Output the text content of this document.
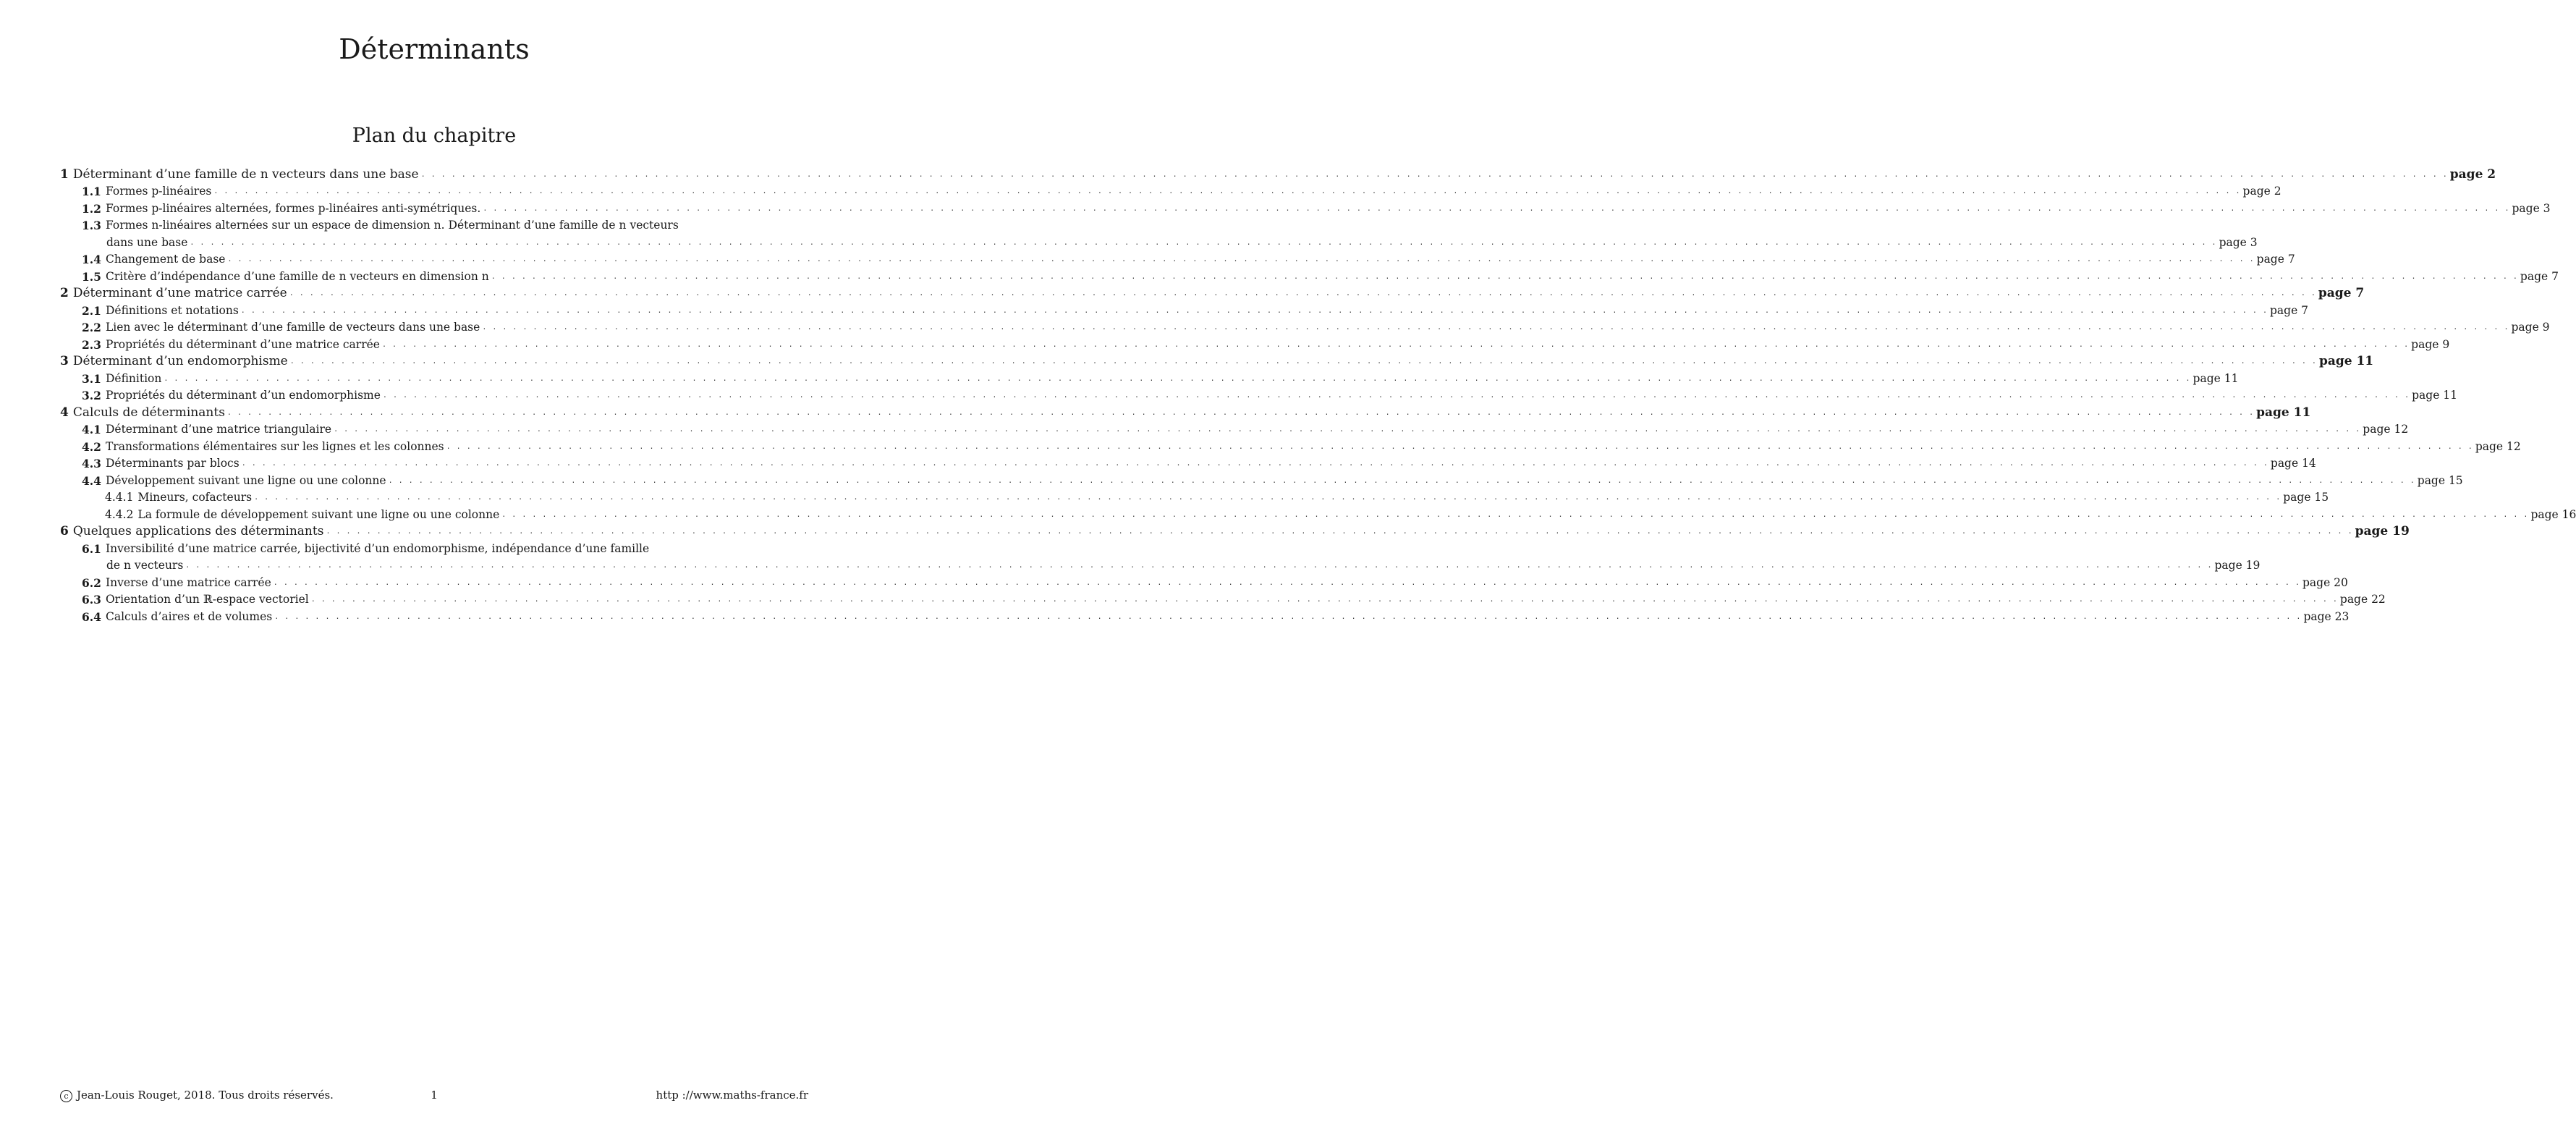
Déterminants
Plan du chapitre
1 Déterminant d’une famille de n vecteurs dans une base . . . . . . . . . . . . . . . . . . . . . . . . . . . . . . . . . . . . . . . . . . . . . . . . . . . . . . . . . . . . . . . . . . . . . . . . . . . . . . . . . . . . . . . . . . . . . . . . . . . . . . . . . . . . . . . . . . . . . . . . . . . . . . . . . . . . . . . . . . . . . . . . . . . . . . . . . . . . . . . . . . . . . . . . . . . . . . . . . . . . . . . . . . . . . . . . . . . . . . . . page 2
1.1 Formes p-linéaires . . . . . . . . . . . . . . . . . . . . . . . . . . . . . . . . . . . . . . . . . . . . . . . . . . . . . . . . . . . . . . . . . . . . . . . . . . . . . . . . . . . . . . . . . . . . . . . . . . . . . . . . . . . . . . . . . . . . . . . . . . . . . . . . . . . . . . . . . . . . . . . . . . . . . . . . . . . . . . . . . . . . . . . . . . . . . . . . . . . . . . . . . . . . . . . . . . . . . . . . page 2
1.2 Formes p-linéaires alternées, formes p-linéaires anti-symétriques. . . . . . . . . . . . . . . . . . . . . . . . . . . . . . . . . . . . . . . . . . . . . . . . . . . . . . . . . . . . . . . . . . . . . . . . . . . . . . . . . . . . . . . . . . . . . . . . . . . . . . . . . . . . . . . . . . . . . . . . . . . . . . . . . . . . . . . . . . . . . . . . . . . . . . . . . . . . . . . . . . . . . . . . . . . . . . . . . . . . . . . . . . . . . . . . . . . . . . . . . page 3
1.3 Formes n-linéaires alternées sur un espace de dimension n. Déterminant d’une famille de n vecteurs
dans une base . . . . . . . . . . . . . . . . . . . . . . . . . . . . . . . . . . . . . . . . . . . . . . . . . . . . . . . . . . . . . . . . . . . . . . . . . . . . . . . . . . . . . . . . . . . . . . . . . . . . . . . . . . . . . . . . . . . . . . . . . . . . . . . . . . . . . . . . . . . . . . . . . . . . . . . . . . . . . . . . . . . . . . . . . . . . . . . . . . . . . . . . . . . . . . . . . . . . . . . . page 3
1.4 Changement de base . . . . . . . . . . . . . . . . . . . . . . . . . . . . . . . . . . . . . . . . . . . . . . . . . . . . . . . . . . . . . . . . . . . . . . . . . . . . . . . . . . . . . . . . . . . . . . . . . . . . . . . . . . . . . . . . . . . . . . . . . . . . . . . . . . . . . . . . . . . . . . . . . . . . . . . . . . . . . . . . . . . . . . . . . . . . . . . . . . . . . . . . . . . . . . . . . . . . . . . . page 7
1.5 Critère d’indépendance d’une famille de n vecteurs en dimension n . . . . . . . . . . . . . . . . . . . . . . . . . . . . . . . . . . . . . . . . . . . . . . . . . . . . . . . . . . . . . . . . . . . . . . . . . . . . . . . . . . . . . . . . . . . . . . . . . . . . . . . . . . . . . . . . . . . . . . . . . . . . . . . . . . . . . . . . . . . . . . . . . . . . . . . . . . . . . . . . . . . . . . . . . . . . . . . . . . . . . . . . . . . . . . . . . . . . . . . . page 7
2 Déterminant d’une matrice carrée . . . . . . . . . . . . . . . . . . . . . . . . . . . . . . . . . . . . . . . . . . . . . . . . . . . . . . . . . . . . . . . . . . . . . . . . . . . . . . . . . . . . . . . . . . . . . . . . . . . . . . . . . . . . . . . . . . . . . . . . . . . . . . . . . . . . . . . . . . . . . . . . . . . . . . . . . . . . . . . . . . . . . . . . . . . . . . . . . . . . . . . . . . . . . . . . . . . . . . . . page 7
2.1 Définitions et notations . . . . . . . . . . . . . . . . . . . . . . . . . . . . . . . . . . . . . . . . . . . . . . . . . . . . . . . . . . . . . . . . . . . . . . . . . . . . . . . . . . . . . . . . . . . . . . . . . . . . . . . . . . . . . . . . . . . . . . . . . . . . . . . . . . . . . . . . . . . . . . . . . . . . . . . . . . . . . . . . . . . . . . . . . . . . . . . . . . . . . . . . . . . . . . . . . . . . . . . . page 7
2.2 Lien avec le déterminant d’une famille de vecteurs dans une base . . . . . . . . . . . . . . . . . . . . . . . . . . . . . . . . . . . . . . . . . . . . . . . . . . . . . . . . . . . . . . . . . . . . . . . . . . . . . . . . . . . . . . . . . . . . . . . . . . . . . . . . . . . . . . . . . . . . . . . . . . . . . . . . . . . . . . . . . . . . . . . . . . . . . . . . . . . . . . . . . . . . . . . . . . . . . . . . . . . . . . . . . . . . . . . . . . . . . . . . page 9
2.3 Propriétés du déterminant d’une matrice carrée . . . . . . . . . . . . . . . . . . . . . . . . . . . . . . . . . . . . . . . . . . . . . . . . . . . . . . . . . . . . . . . . . . . . . . . . . . . . . . . . . . . . . . . . . . . . . . . . . . . . . . . . . . . . . . . . . . . . . . . . . . . . . . . . . . . . . . . . . . . . . . . . . . . . . . . . . . . . . . . . . . . . . . . . . . . . . . . . . . . . . . . . . . . . . . . . . . . . . . . . page 9
3 Déterminant d’un endomorphisme . . . . . . . . . . . . . . . . . . . . . . . . . . . . . . . . . . . . . . . . . . . . . . . . . . . . . . . . . . . . . . . . . . . . . . . . . . . . . . . . . . . . . . . . . . . . . . . . . . . . . . . . . . . . . . . . . . . . . . . . . . . . . . . . . . . . . . . . . . . . . . . . . . . . . . . . . . . . . . . . . . . . . . . . . . . . . . . . . . . . . . . . . . . . . . . . . . . . . . . . page 11
3.1 Définition . . . . . . . . . . . . . . . . . . . . . . . . . . . . . . . . . . . . . . . . . . . . . . . . . . . . . . . . . . . . . . . . . . . . . . . . . . . . . . . . . . . . . . . . . . . . . . . . . . . . . . . . . . . . . . . . . . . . . . . . . . . . . . . . . . . . . . . . . . . . . . . . . . . . . . . . . . . . . . . . . . . . . . . . . . . . . . . . . . . . . . . . . . . . . . . . . . . . . . . . page 11
3.2 Propriétés du déterminant d’un endomorphisme . . . . . . . . . . . . . . . . . . . . . . . . . . . . . . . . . . . . . . . . . . . . . . . . . . . . . . . . . . . . . . . . . . . . . . . . . . . . . . . . . . . . . . . . . . . . . . . . . . . . . . . . . . . . . . . . . . . . . . . . . . . . . . . . . . . . . . . . . . . . . . . . . . . . . . . . . . . . . . . . . . . . . . . . . . . . . . . . . . . . . . . . . . . . . . . . . . . . . . . . page 11
4 Calculs de déterminants . . . . . . . . . . . . . . . . . . . . . . . . . . . . . . . . . . . . . . . . . . . . . . . . . . . . . . . . . . . . . . . . . . . . . . . . . . . . . . . . . . . . . . . . . . . . . . . . . . . . . . . . . . . . . . . . . . . . . . . . . . . . . . . . . . . . . . . . . . . . . . . . . . . . . . . . . . . . . . . . . . . . . . . . . . . . . . . . . . . . . . . . . . . . . . . . . . . . . . . . page 11
4.1 Déterminant d’une matrice triangulaire . . . . . . . . . . . . . . . . . . . . . . . . . . . . . . . . . . . . . . . . . . . . . . . . . . . . . . . . . . . . . . . . . . . . . . . . . . . . . . . . . . . . . . . . . . . . . . . . . . . . . . . . . . . . . . . . . . . . . . . . . . . . . . . . . . . . . . . . . . . . . . . . . . . . . . . . . . . . . . . . . . . . . . . . . . . . . . . . . . . . . . . . . . . . . . . . . . . . . . . . page 12
4.2 Transformations élémentaires sur les lignes et les colonnes . . . . . . . . . . . . . . . . . . . . . . . . . . . . . . . . . . . . . . . . . . . . . . . . . . . . . . . . . . . . . . . . . . . . . . . . . . . . . . . . . . . . . . . . . . . . . . . . . . . . . . . . . . . . . . . . . . . . . . . . . . . . . . . . . . . . . . . . . . . . . . . . . . . . . . . . . . . . . . . . . . . . . . . . . . . . . . . . . . . . . . . . . . . . . . . . . . . . . . . . page 12
4.3 Déterminants par blocs . . . . . . . . . . . . . . . . . . . . . . . . . . . . . . . . . . . . . . . . . . . . . . . . . . . . . . . . . . . . . . . . . . . . . . . . . . . . . . . . . . . . . . . . . . . . . . . . . . . . . . . . . . . . . . . . . . . . . . . . . . . . . . . . . . . . . . . . . . . . . . . . . . . . . . . . . . . . . . . . . . . . . . . . . . . . . . . . . . . . . . . . . . . . . . . . . . . . . . . . page 14
4.4 Développement suivant une ligne ou une colonne . . . . . . . . . . . . . . . . . . . . . . . . . . . . . . . . . . . . . . . . . . . . . . . . . . . . . . . . . . . . . . . . . . . . . . . . . . . . . . . . . . . . . . . . . . . . . . . . . . . . . . . . . . . . . . . . . . . . . . . . . . . . . . . . . . . . . . . . . . . . . . . . . . . . . . . . . . . . . . . . . . . . . . . . . . . . . . . . . . . . . . . . . . . . . . . . . . . . . . . . page 15
4.4.1 Mineurs, cofacteurs . . . . . . . . . . . . . . . . . . . . . . . . . . . . . . . . . . . . . . . . . . . . . . . . . . . . . . . . . . . . . . . . . . . . . . . . . . . . . . . . . . . . . . . . . . . . . . . . . . . . . . . . . . . . . . . . . . . . . . . . . . . . . . . . . . . . . . . . . . . . . . . . . . . . . . . . . . . . . . . . . . . . . . . . . . . . . . . . . . . . . . . . . . . . . . . . . . . . . . . . page 15
4.4.2 La formule de développement suivant une ligne ou une colonne . . . . . . . . . . . . . . . . . . . . . . . . . . . . . . . . . . . . . . . . . . . . . . . . . . . . . . . . . . . . . . . . . . . . . . . . . . . . . . . . . . . . . . . . . . . . . . . . . . . . . . . . . . . . . . . . . . . . . . . . . . . . . . . . . . . . . . . . . . . . . . . . . . . . . . . . . . . . . . . . . . . . . . . . . . . . . . . . . . . . . . . . . . . . . . . . . . . . . . . . page 16
6 Quelques applications des déterminants . . . . . . . . . . . . . . . . . . . . . . . . . . . . . . . . . . . . . . . . . . . . . . . . . . . . . . . . . . . . . . . . . . . . . . . . . . . . . . . . . . . . . . . . . . . . . . . . . . . . . . . . . . . . . . . . . . . . . . . . . . . . . . . . . . . . . . . . . . . . . . . . . . . . . . . . . . . . . . . . . . . . . . . . . . . . . . . . . . . . . . . . . . . . . . . . . . . . . . . . page 19
6.1 Inversibilité d’une matrice carrée, bijectivité d’un endomorphisme, indépendance d’une famille
de n vecteurs . . . . . . . . . . . . . . . . . . . . . . . . . . . . . . . . . . . . . . . . . . . . . . . . . . . . . . . . . . . . . . . . . . . . . . . . . . . . . . . . . . . . . . . . . . . . . . . . . . . . . . . . . . . . . . . . . . . . . . . . . . . . . . . . . . . . . . . . . . . . . . . . . . . . . . . . . . . . . . . . . . . . . . . . . . . . . . . . . . . . . . . . . . . . . . . . . . . . . . . . page 19
6.2 Inverse d’une matrice carrée . . . . . . . . . . . . . . . . . . . . . . . . . . . . . . . . . . . . . . . . . . . . . . . . . . . . . . . . . . . . . . . . . . . . . . . . . . . . . . . . . . . . . . . . . . . . . . . . . . . . . . . . . . . . . . . . . . . . . . . . . . . . . . . . . . . . . . . . . . . . . . . . . . . . . . . . . . . . . . . . . . . . . . . . . . . . . . . . . . . . . . . . . . . . . . . . . . . . . . . . page 20
6.3 Orientation d’un ℝ-espace vectoriel . . . . . . . . . . . . . . . . . . . . . . . . . . . . . . . . . . . . . . . . . . . . . . . . . . . . . . . . . . . . . . . . . . . . . . . . . . . . . . . . . . . . . . . . . . . . . . . . . . . . . . . . . . . . . . . . . . . . . . . . . . . . . . . . . . . . . . . . . . . . . . . . . . . . . . . . . . . . . . . . . . . . . . . . . . . . . . . . . . . . . . . . . . . . . . . . . . . . . . . . page 22
6.4 Calculs d’aires et de volumes . . . . . . . . . . . . . . . . . . . . . . . . . . . . . . . . . . . . . . . . . . . . . . . . . . . . . . . . . . . . . . . . . . . . . . . . . . . . . . . . . . . . . . . . . . . . . . . . . . . . . . . . . . . . . . . . . . . . . . . . . . . . . . . . . . . . . . . . . . . . . . . . . . . . . . . . . . . . . . . . . . . . . . . . . . . . . . . . . . . . . . . . . . . . . . . . . . . . . . . . page 23
c Jean-Louis Rouget, 2018. Tous droits réservés.	1	http ://www.maths-france.fr
